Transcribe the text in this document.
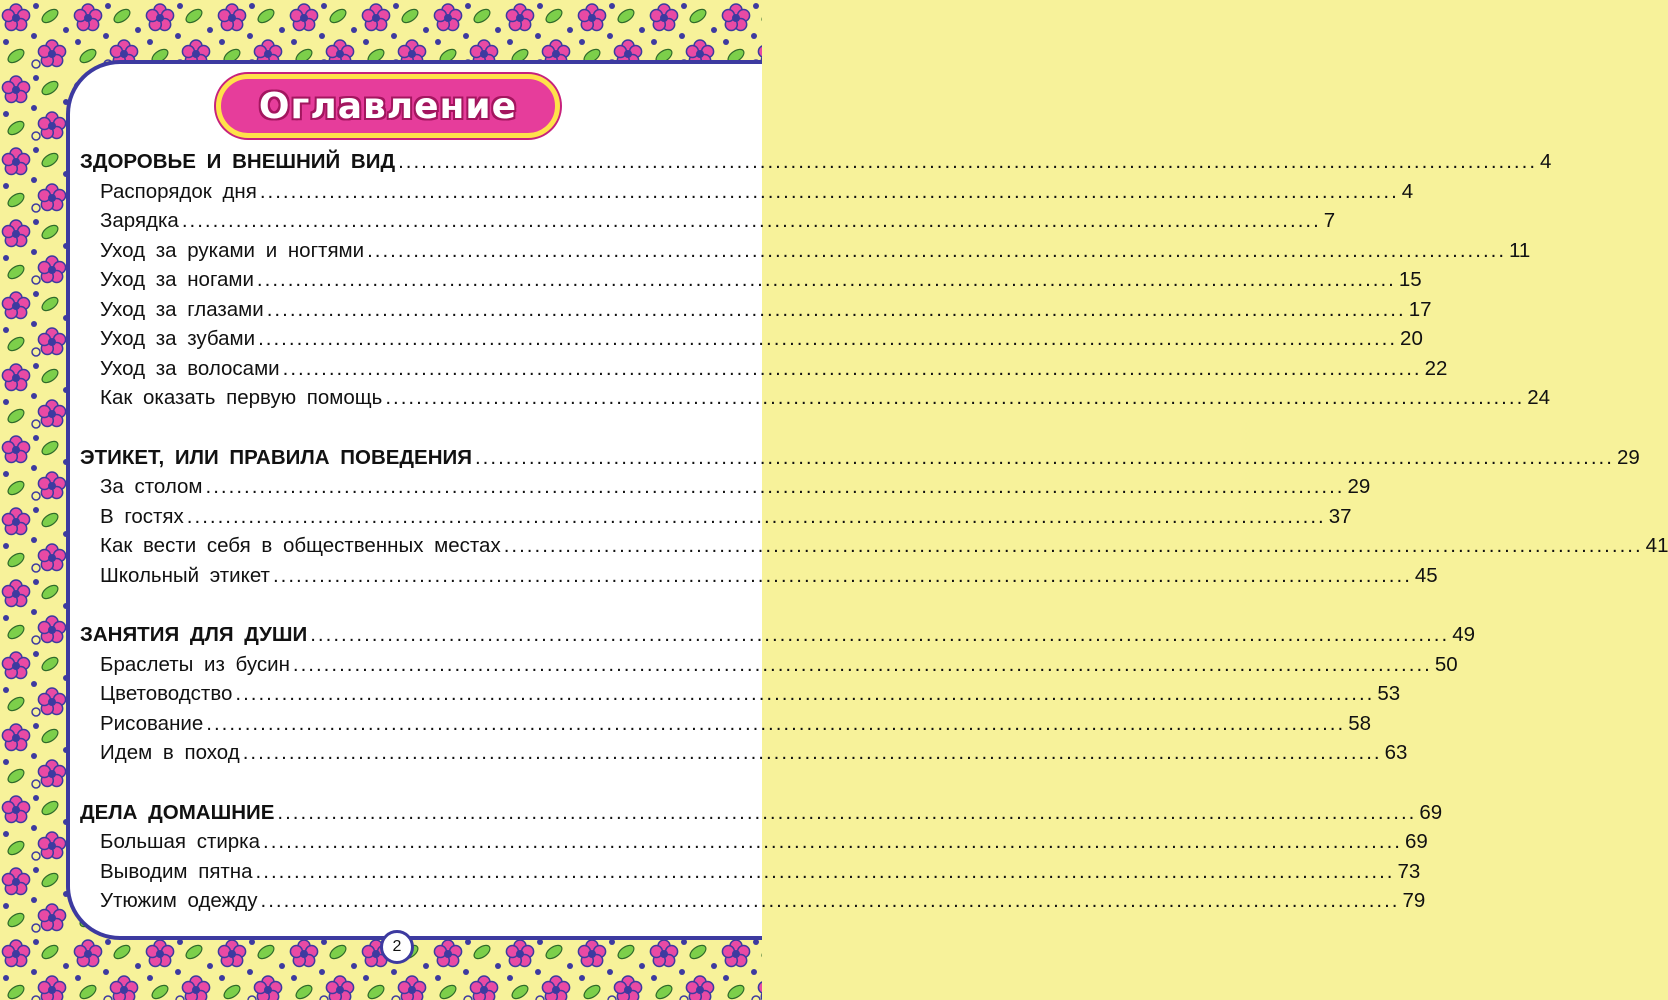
Оглавление
ЗДОРОВЬЕ И ВНЕШНИЙ ВИД .................................................................................................................................................... 4
Распорядок дня .................................................................................................................................................... 4
Зарядка .................................................................................................................................................... 7
Уход за руками и ногтями .................................................................................................................................................... 11
Уход за ногами .................................................................................................................................................... 15
Уход за глазами .................................................................................................................................................... 17
Уход за зубами .................................................................................................................................................... 20
Уход за волосами .................................................................................................................................................... 22
Как оказать первую помощь .................................................................................................................................................... 24
ЭТИКЕТ, ИЛИ ПРАВИЛА ПОВЕДЕНИЯ .................................................................................................................................................... 29
За столом .................................................................................................................................................... 29
В гостях .................................................................................................................................................... 37
Как вести себя в общественных местах .................................................................................................................................................... 41
Школьный этикет .................................................................................................................................................... 45
ЗАНЯТИЯ ДЛЯ ДУШИ .................................................................................................................................................... 49
Браслеты из бусин .................................................................................................................................................... 50
Цветоводство .................................................................................................................................................... 53
Рисование .................................................................................................................................................... 58
Идем в поход .................................................................................................................................................... 63
ДЕЛА ДОМАШНИЕ .................................................................................................................................................... 69
Большая стирка .................................................................................................................................................... 69
Выводим пятна .................................................................................................................................................... 73
Утюжим одежду .................................................................................................................................................... 79
2
